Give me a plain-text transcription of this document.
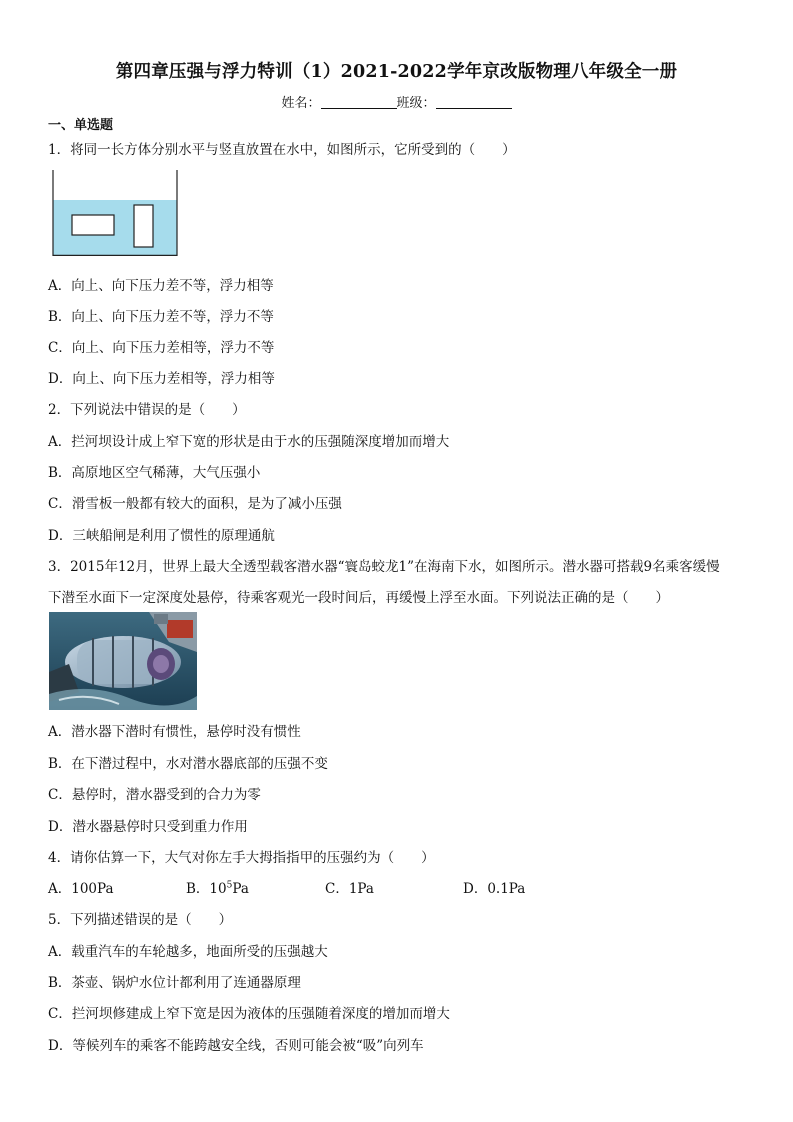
第四章压强与浮力特训（1）2021-2022学年京改版物理八年级全一册
姓名：	班级：
一、单选题
1．将同一长方体分别水平与竖直放置在水中，如图所示，它所受到的（　　）
A．向上、向下压力差不等，浮力相等
B．向上、向下压力差不等，浮力不等
C．向上、向下压力差相等，浮力不等
D．向上、向下压力差相等，浮力相等
2．下列说法中错误的是（　　）
A．拦河坝设计成上窄下宽的形状是由于水的压强随深度增加而增大
B．高原地区空气稀薄，大气压强小
C．滑雪板一般都有较大的面积，是为了减小压强
D．三峡船闸是利用了惯性的原理通航
3．2015年12月，世界上最大全透型载客潜水器“寰岛蛟龙1”在海南下水，如图所示。潜水器可搭载9名乘客缓慢
下潜至水面下一定深度处悬停，待乘客观光一段时间后，再缓慢上浮至水面。下列说法正确的是（　　）
A．潜水器下潜时有惯性，悬停时没有惯性
B．在下潜过程中，水对潜水器底部的压强不变
C．悬停时，潜水器受到的合力为零
D．潜水器悬停时只受到重力作用
4．请你估算一下，大气对你左手大拇指指甲的压强约为（　　）
A．100Pa	B．$10^5Pa$	C．1Pa	D．0.1Pa
5．下列描述错误的是（　　）
A．载重汽车的车轮越多，地面所受的压强越大
B．茶壶、锅炉水位计都利用了连通器原理
C．拦河坝修建成上窄下宽是因为液体的压强随着深度的增加而增大
D．等候列车的乘客不能跨越安全线，否则可能会被“吸”向列车
